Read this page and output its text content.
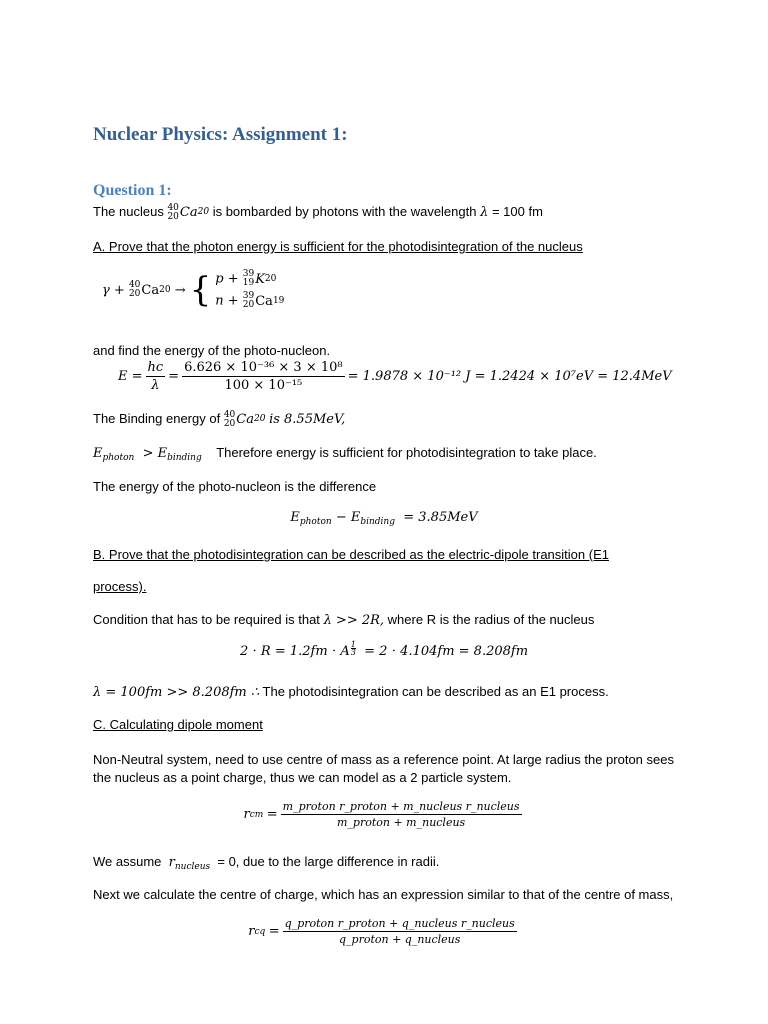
Nuclear Physics: Assignment 1:
Question 1:
The nucleus 40
20 Ca 20 is bombarded by photons with the wavelength λ = 100 fm
A. Prove that the photon energy is sufficient for the photodisintegration of the nucleus
γ +
40
20 Ca 20
→ { p + 39
19 K 20
n + 39
20 Ca 19
and find the energy of the photo-nucleon.
$E = \frac{hc}{\lambda} = \frac{\text{6.626 × 10⁻³⁶ × 3 × 10⁸}}{\text{100 × 10⁻¹⁵}} = 1.9878 \times 10^{-12}$ J = 1.2424 × 10⁷eV = 12.4MeV
The Binding energy of 40
20 Ca 20 is 8.55MeV,
$E_{photon} > E_{binding}$ Therefore energy is sufficient for photodisintegration to take place.
The energy of the photo-nucleon is the difference
$E_{photon} - E_{binding} = 3.85MeV$
B. Prove that the photodisintegration can be described as the electric-dipole transition (E1
process).
Condition that has to be required is that λ >> 2R, where R is the radius of the nucleus
2 ⋅ R = 1.2fm ⋅ A $\frac{1}{3} = 2 \cdot 4.104fm = 8.208fm$
λ = 100fm >> 8.208fm ∴ The photodisintegration can be described as an E1 process.
C. Calculating dipole moment
Non-Neutral system, need to use centre of mass as a reference point. At large radius the proton sees
the nucleus as a point charge, thus we can model as a 2 particle system.
r cm
= $\frac{\text{m\_proton r\_proton + m\_nucleus r\_nucleus}}{\text{m\_proton + m\_nucleus}}$
We assume $r_{nucleus} = 0$, due to the large difference in radii.
Next we calculate the centre of charge, which has an expression similar to that of the centre of mass,
r cq
= $\frac{\text{q\_proton r\_proton + q\_nucleus r\_nucleus}}{\text{q\_proton + q\_nucleus}}$
